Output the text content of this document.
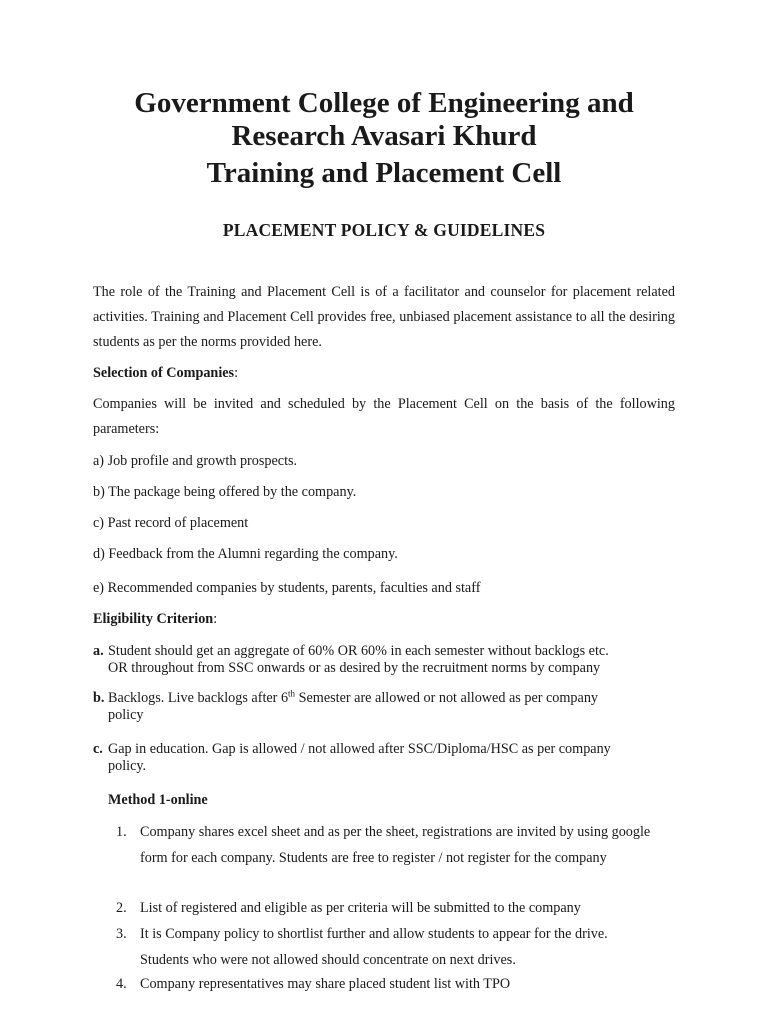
Government College of Engineering and
Research Avasari Khurd
Training and Placement Cell
PLACEMENT POLICY & GUIDELINES

The role of the Training and Placement Cell is of a facilitator and counselor for placement related activities. Training and Placement Cell provides free, unbiased placement assistance to all the desiring students as per the norms provided here.

Selection of Companies:

Companies will be invited and scheduled by the Placement Cell on the basis of the following parameters:

a) Job profile and growth prospects.
b) The package being offered by the company.
c) Past record of placement
d) Feedback from the Alumni regarding the company.
e) Recommended companies by students, parents, faculties and staff
Eligibility Criterion:
a. Student should get an aggregate of 60% OR 60% in each semester without backlogs etc.
OR throughout from SSC onwards or as desired by the recruitment norms by company
b. Backlogs. Live backlogs after 6th Semester are allowed or not allowed as per company
policy
c. Gap in education. Gap is allowed / not allowed after SSC/Diploma/HSC as per company
policy.
Method 1-online
1. Company shares excel sheet and as per the sheet, registrations are invited by using google form for each company. Students are free to register / not register for the company
2. List of registered and eligible as per criteria will be submitted to the company
3. It is Company policy to shortlist further and allow students to appear for the drive. Students who were not allowed should concentrate on next drives.
4. Company representatives may share placed student list with TPO
